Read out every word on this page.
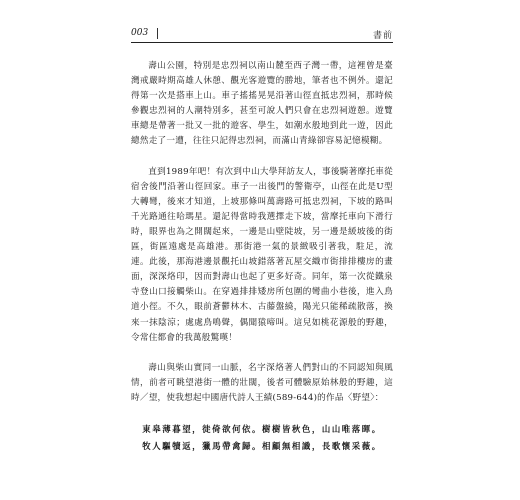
003	書前

壽山公園，特別是忠烈祠以南山麓至西子灣一帶，這裡曾是臺灣戒嚴時期高雄人休憩、觀光客遊覽的勝地，筆者也不例外。還記得第一次是搭車上山。車子搖搖晃晃沿著山徑直抵忠烈祠，那時候參觀忠烈祠的人潮特別多，甚至可說人們只會在忠烈祠遊憩。遊覽車總是帶著一批又一批的遊客、學生，如潮水般地到此一遊，因此總然走了一遭，往往只記得忠烈祠，而滿山青綠卻容易記憶模糊。

直到1989年吧！有次到中山大學拜訪友人，事後騎著摩托車從宿舍後門沿著山徑回家。車子一出後門的警衛亭，山徑在此是U型大轉彎，後來才知道，上坡那條叫萬壽路可抵忠烈祠，下坡的路叫千光路通往哈瑪星。還記得當時我選擇走下坡，當摩托車向下滑行時，眼界也為之開闊起來，一邊是山壁陡坡，另一邊是緩坡後的街區，街區遠處是高雄港。那街港一氣的景緻吸引著我，駐足，流連。此後，那海港邊景觀托山坡錯落著瓦屋交織市街排排樓房的畫面，深深烙印，因而對壽山也起了更多好奇。同年，第一次從鐵泉寺登山口接觸柴山。在穿過排排矮房所包圍的彎曲小巷後，進入鳥道小徑。不久，眼前蒼鬱林木、古藤盤繞，陽光只能稀疏散落，換來一抹陰涼；處處鳥鳴聲，偶聞猿啼叫。這兒如桃花源般的野趣，令常住都會的我萬般驚嘆！

壽山與柴山實同一山脈，名字深烙著人們對山的不同認知與風情，前者可眺望港街一體的壯闊，後者可體驗原始林般的野趣，這時／望，使我想起中國唐代詩人王績(589-644)的作品〈野望〉：

東皋薄暮望，徙倚欲何依。樹樹皆秋色，山山唯落暉。
牧人驅犢返，獵馬帶禽歸。相顧無相識，長歌懷采薇。
